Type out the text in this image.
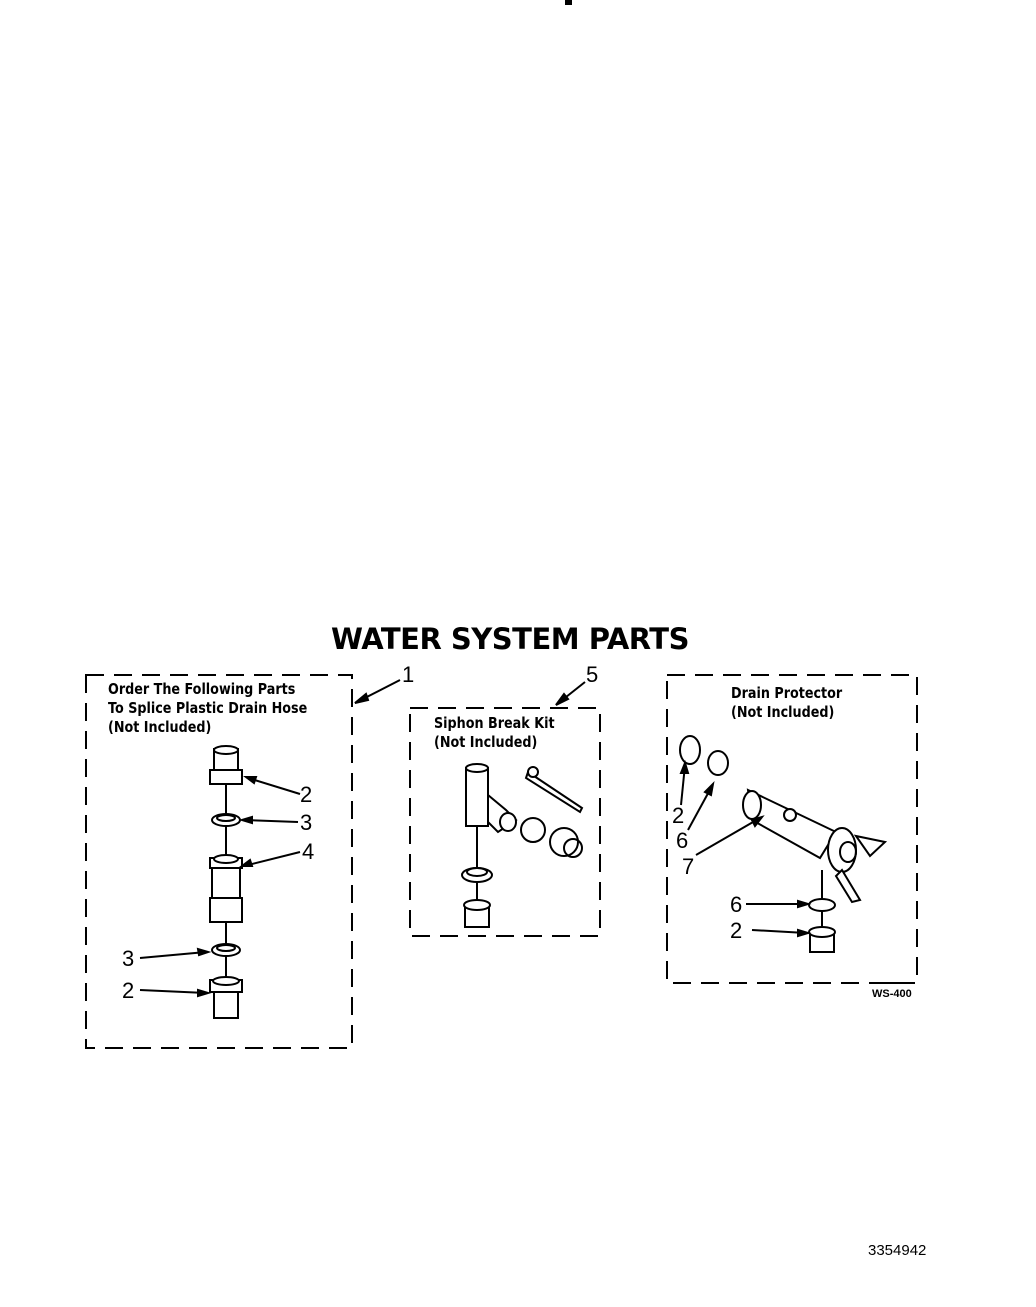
WATER SYSTEM PARTS
Order The Following Parts
To Splice Plastic Drain Hose
(Not Included)
1
2
3
4
3
2
Siphon Break Kit
(Not Included)
5
Drain Protector
(Not Included)
2
6
7
6
2
WS-400
3354942
